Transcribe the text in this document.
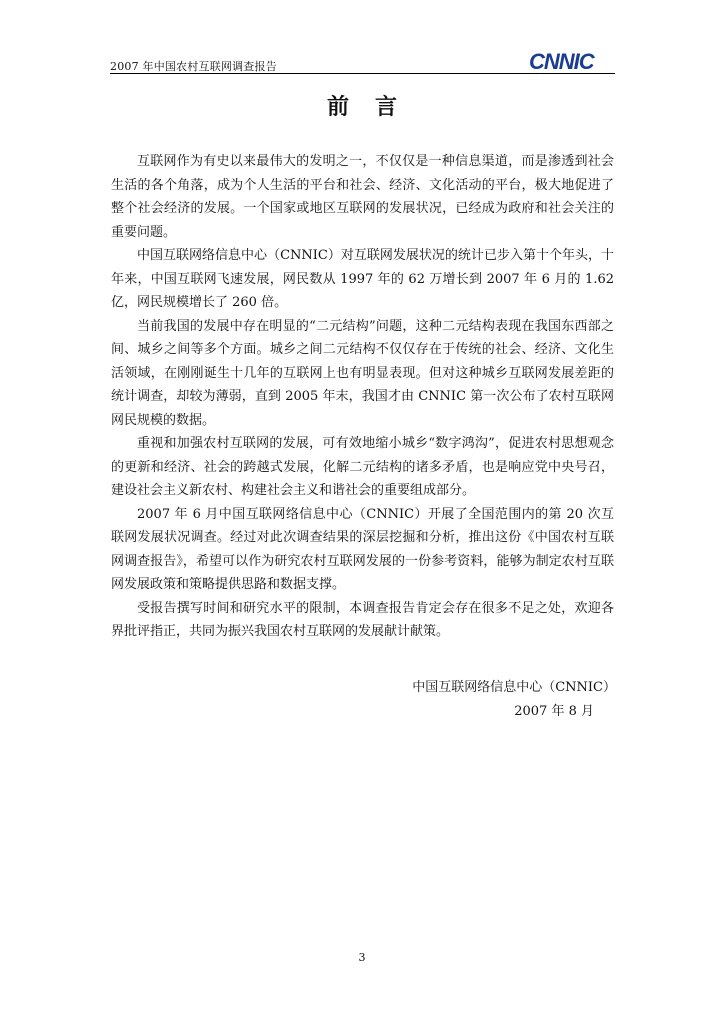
2007 年中国农村互联网调查报告	CNNIC
前言

互联网作为有史以来最伟大的发明之一，不仅仅是一种信息渠道，而是渗透到社会生活的各个角落，成为个人生活的平台和社会、经济、文化活动的平台，极大地促进了整个社会经济的发展。一个国家或地区互联网的发展状况，已经成为政府和社会关注的重要问题。

中国互联网络信息中心（CNNIC）对互联网发展状况的统计已步入第十个年头，十年来，中国互联网飞速发展，网民数从 1997 年的 62 万增长到 2007 年 6 月的 1.62 亿，网民规模增长了 260 倍。

当前我国的发展中存在明显的“二元结构”问题，这种二元结构表现在我国东西部之间、城乡之间等多个方面。城乡之间二元结构不仅仅存在于传统的社会、经济、文化生活领域，在刚刚诞生十几年的互联网上也有明显表现。但对这种城乡互联网发展差距的统计调查，却较为薄弱，直到 2005 年末，我国才由 CNNIC 第一次公布了农村互联网网民规模的数据。

重视和加强农村互联网的发展，可有效地缩小城乡“数字鸿沟”，促进农村思想观念的更新和经济、社会的跨越式发展，化解二元结构的诸多矛盾，也是响应党中央号召，建设社会主义新农村、构建社会主义和谐社会的重要组成部分。

2007 年 6 月中国互联网络信息中心（CNNIC）开展了全国范围内的第 20 次互联网发展状况调查。经过对此次调查结果的深层挖掘和分析，推出这份《中国农村互联网调查报告》，希望可以作为研究农村互联网发展的一份参考资料，能够为制定农村互联网发展政策和策略提供思路和数据支撑。

受报告撰写时间和研究水平的限制，本调查报告肯定会存在很多不足之处，欢迎各界批评指正，共同为振兴我国农村互联网的发展献计献策。

中国互联网络信息中心（CNNIC）
2007 年 8 月
3
